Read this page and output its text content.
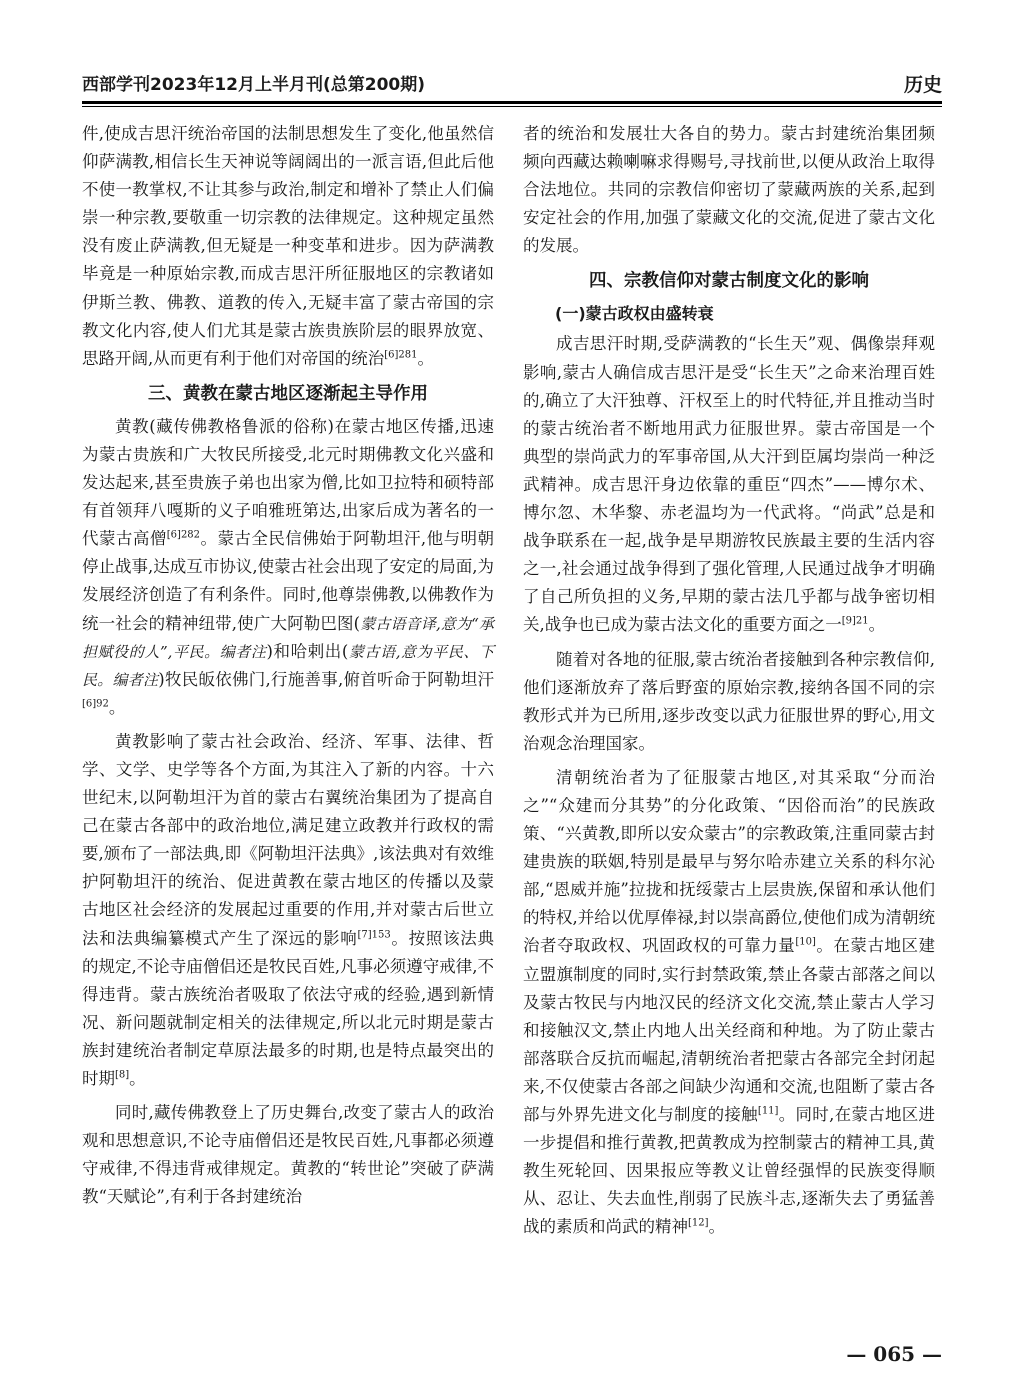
西部学刊2023年12月上半月刊(总第200期)	历史

件,使成吉思汗统治帝国的法制思想发生了变化,他虽然信仰萨满教,相信长生天神说等阔阔出的一派言语,但此后他不使一教掌权,不让其参与政治,制定和增补了禁止人们偏崇一种宗教,要敬重一切宗教的法律规定。这种规定虽然没有废止萨满教,但无疑是一种变革和进步。因为萨满教毕竟是一种原始宗教,而成吉思汗所征服地区的宗教诸如伊斯兰教、佛教、道教的传入,无疑丰富了蒙古帝国的宗教文化内容,使人们尤其是蒙古族贵族阶层的眼界放宽、思路开阔,从而更有利于他们对帝国的统治$^{[6]281}$。

三、黄教在蒙古地区逐渐起主导作用

黄教(藏传佛教格鲁派的俗称)在蒙古地区传播,迅速为蒙古贵族和广大牧民所接受,北元时期佛教文化兴盛和发达起来,甚至贵族子弟也出家为僧,比如卫拉特和硕特部有首领拜八嘎斯的义子咱雅班第达,出家后成为著名的一代蒙古高僧$^{[6]282}$。蒙古全民信佛始于阿勒坦汗,他与明朝停止战事,达成互市协议,使蒙古社会出现了安定的局面,为发展经济创造了有利条件。同时,他尊崇佛教,以佛教作为统一社会的精神纽带,使广大阿勒巴图(蒙古语音译,意为“承担赋役的人”,平民。编者注)和哈剌出(蒙古语,意为平民、下民。编者注)牧民皈依佛门,行施善事,俯首听命于阿勒坦汗$^{[6]92}$。

黄教影响了蒙古社会政治、经济、军事、法律、哲学、文学、史学等各个方面,为其注入了新的内容。十六世纪末,以阿勒坦汗为首的蒙古右翼统治集团为了提高自己在蒙古各部中的政治地位,满足建立政教并行政权的需要,颁布了一部法典,即《阿勒坦汗法典》,该法典对有效维护阿勒坦汗的统治、促进黄教在蒙古地区的传播以及蒙古地区社会经济的发展起过重要的作用,并对蒙古后世立法和法典编纂模式产生了深远的影响$^{[7]153}$。按照该法典的规定,不论寺庙僧侣还是牧民百姓,凡事必须遵守戒律,不得违背。蒙古族统治者吸取了依法守戒的经验,遇到新情况、新问题就制定相关的法律规定,所以北元时期是蒙古族封建统治者制定草原法最多的时期,也是特点最突出的时期[8]。

同时,藏传佛教登上了历史舞台,改变了蒙古人的政治观和思想意识,不论寺庙僧侣还是牧民百姓,凡事都必须遵守戒律,不得违背戒律规定。黄教的“转世论”突破了萨满教“天赋论”,有利于各封建统治

者的统治和发展壮大各自的势力。蒙古封建统治集团频频向西藏达赖喇嘛求得赐号,寻找前世,以便从政治上取得合法地位。共同的宗教信仰密切了蒙藏两族的关系,起到安定社会的作用,加强了蒙藏文化的交流,促进了蒙古文化的发展。

四、宗教信仰对蒙古制度文化的影响
(一)蒙古政权由盛转衰

成吉思汗时期,受萨满教的“长生天”观、偶像崇拜观影响,蒙古人确信成吉思汗是受“长生天”之命来治理百姓的,确立了大汗独尊、汗权至上的时代特征,并且推动当时的蒙古统治者不断地用武力征服世界。蒙古帝国是一个典型的崇尚武力的军事帝国,从大汗到臣属均崇尚一种泛武精神。成吉思汗身边依靠的重臣“四杰”——博尔术、博尔忽、木华黎、赤老温均为一代武将。“尚武”总是和战争联系在一起,战争是早期游牧民族最主要的生活内容之一,社会通过战争得到了强化管理,人民通过战争才明确了自己所负担的义务,早期的蒙古法几乎都与战争密切相关,战争也已成为蒙古法文化的重要方面之一$^{[9]21}$。

随着对各地的征服,蒙古统治者接触到各种宗教信仰,他们逐渐放弃了落后野蛮的原始宗教,接纳各国不同的宗教形式并为已所用,逐步改变以武力征服世界的野心,用文治观念治理国家。

清朝统治者为了征服蒙古地区,对其采取“分而治之”“众建而分其势”的分化政策、“因俗而治”的民族政策、“兴黄教,即所以安众蒙古”的宗教政策,注重同蒙古封建贵族的联姻,特别是最早与努尔哈赤建立关系的科尔沁部,“恩威并施”拉拢和抚绥蒙古上层贵族,保留和承认他们的特权,并给以优厚俸禄,封以崇高爵位,使他们成为清朝统治者夺取政权、巩固政权的可靠力量[10]。在蒙古地区建立盟旗制度的同时,实行封禁政策,禁止各蒙古部落之间以及蒙古牧民与内地汉民的经济文化交流,禁止蒙古人学习和接触汉文,禁止内地人出关经商和种地。为了防止蒙古部落联合反抗而崛起,清朝统治者把蒙古各部完全封闭起来,不仅使蒙古各部之间缺少沟通和交流,也阻断了蒙古各部与外界先进文化与制度的接触[11]。同时,在蒙古地区进一步提倡和推行黄教,把黄教成为控制蒙古的精神工具,黄教生死轮回、因果报应等教义让曾经强悍的民族变得顺从、忍让、失去血性,削弱了民族斗志,逐渐失去了勇猛善战的素质和尚武的精神[12]。

— 065 —
